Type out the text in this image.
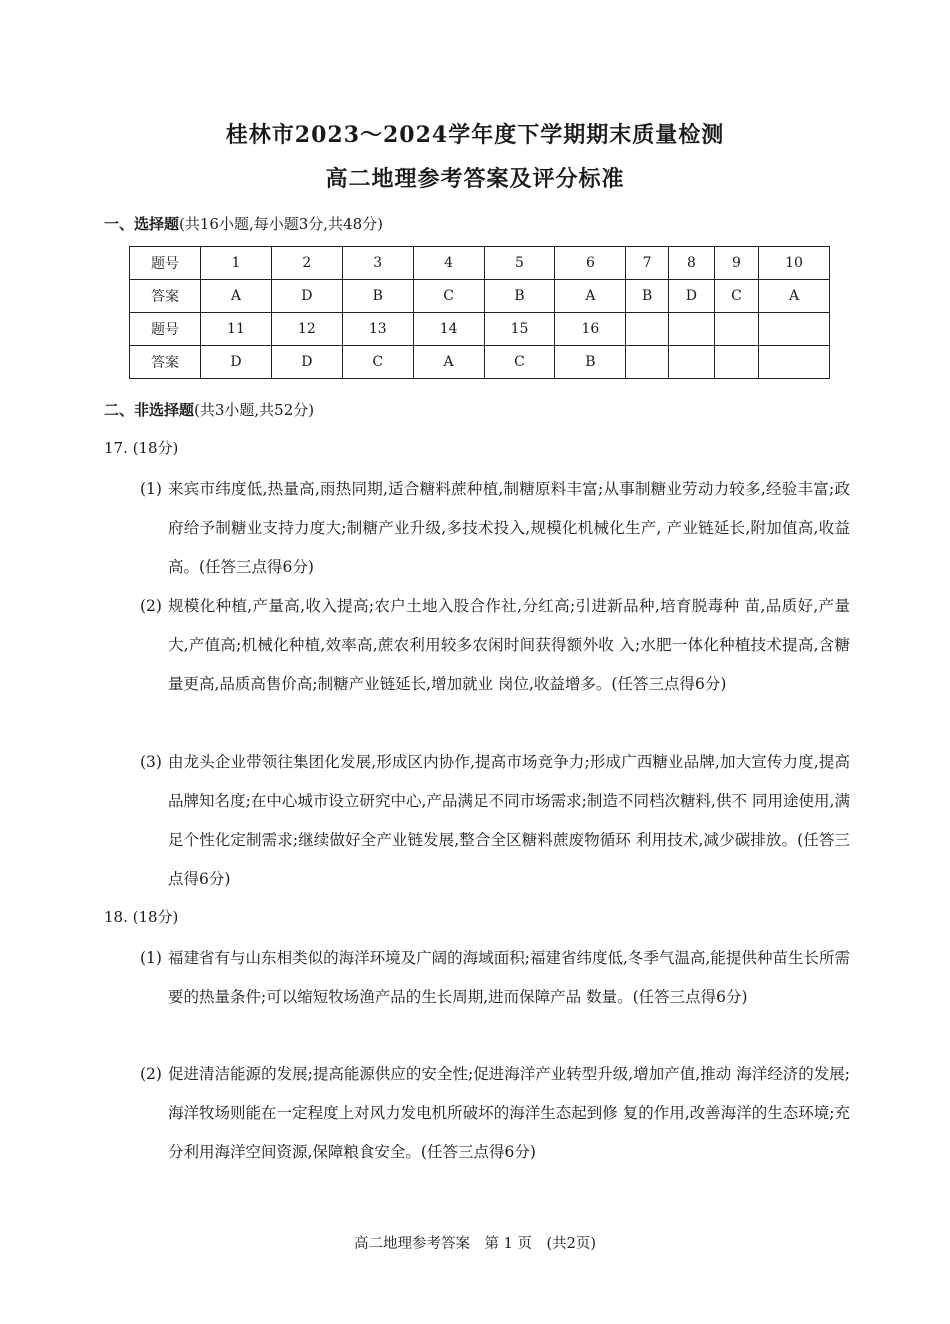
桂林市2023～2024学年度下学期期末质量检测
高二地理参考答案及评分标准

一、选择题(共16小题,每小题3分,共48分)

题号	1	2	3	4	5	6	7	8	9	10
答案	A	D	B	C	B	A	B	D	C	A
题号	11	12	13	14	15	16				
答案	D	D	C	A	C	B				

二、非选择题(共3小题,共52分)

17. (18分)

(1) 来宾市纬度低,热量高,雨热同期,适合糖料蔗种植,制糖原料丰富;从事制糖业劳动力较多,经验丰富;政府给予制糖业支持力度大;制糖产业升级,多技术投入,规模化机械化生产, 产业链延长,附加值高,收益高。(任答三点得6分)
(2) 规模化种植,产量高,收入提高;农户土地入股合作社,分红高;引进新品种,培育脱毒种 苗,品质好,产量大,产值高;机械化种植,效率高,蔗农利用较多农闲时间获得额外收 入;水肥一体化种植技术提高,含糖量更高,品质高售价高;制糖产业链延长,增加就业 岗位,收益增多。(任答三点得6分)
(3) 由龙头企业带领往集团化发展,形成区内协作,提高市场竞争力;形成广西糖业品牌,加大宣传力度,提高品牌知名度;在中心城市设立研究中心,产品满足不同市场需求;制造不同档次糖料,供不 同用途使用,满足个性化定制需求;继续做好全产业链发展,整合全区糖料蔗废物循环 利用技术,减少碳排放。(任答三点得6分)

18. (18分)

(1) 福建省有与山东相类似的海洋环境及广阔的海域面积;福建省纬度低,冬季气温高,能提供种苗生长所需要的热量条件;可以缩短牧场渔产品的生长周期,进而保障产品 数量。(任答三点得6分)
(2) 促进清洁能源的发展;提高能源供应的安全性;促进海洋产业转型升级,增加产值,推动 海洋经济的发展;海洋牧场则能在一定程度上对风力发电机所破坏的海洋生态起到修 复的作用,改善海洋的生态环境;充分利用海洋空间资源,保障粮食安全。(任答三点得6分)

高二地理参考答案　第 1 页　(共2页)
